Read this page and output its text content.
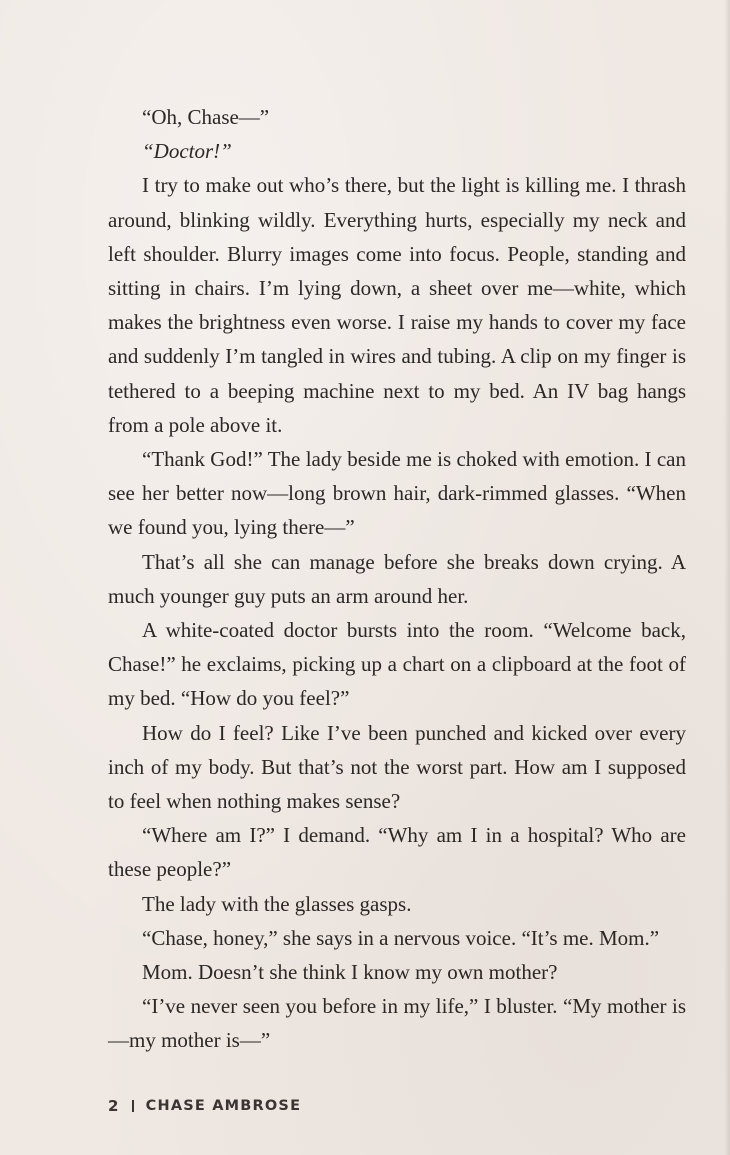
“Oh, Chase—”

“Doctor!”

I try to make out who’s there, but the light is killing me. I thrash around, blinking wildly. Everything hurts, especially my neck and left shoulder. Blurry images come into focus. People, standing and sitting in chairs. I’m lying down, a sheet over me—white, which makes the brightness even worse. I raise my hands to cover my face and suddenly I’m tangled in wires and tubing. A clip on my finger is tethered to a beeping machine next to my bed. An IV bag hangs from a pole above it.

“Thank God!” The lady beside me is choked with emotion. I can see her better now—long brown hair, dark-rimmed glasses. “When we found you, lying there—”

That’s all she can manage before she breaks down crying. A much younger guy puts an arm around her.

A white-coated doctor bursts into the room. “Welcome back, Chase!” he exclaims, picking up a chart on a clipboard at the foot of my bed. “How do you feel?”

How do I feel? Like I’ve been punched and kicked over every inch of my body. But that’s not the worst part. How am I supposed to feel when nothing makes sense?

“Where am I?” I demand. “Why am I in a hospital? Who are these people?”

The lady with the glasses gasps.

“Chase, honey,” she says in a nervous voice. “It’s me. Mom.”

Mom. Doesn’t she think I know my own mother?

“I’ve never seen you before in my life,” I bluster. “My mother is—my mother is—”

2 CHASE AMBROSE
